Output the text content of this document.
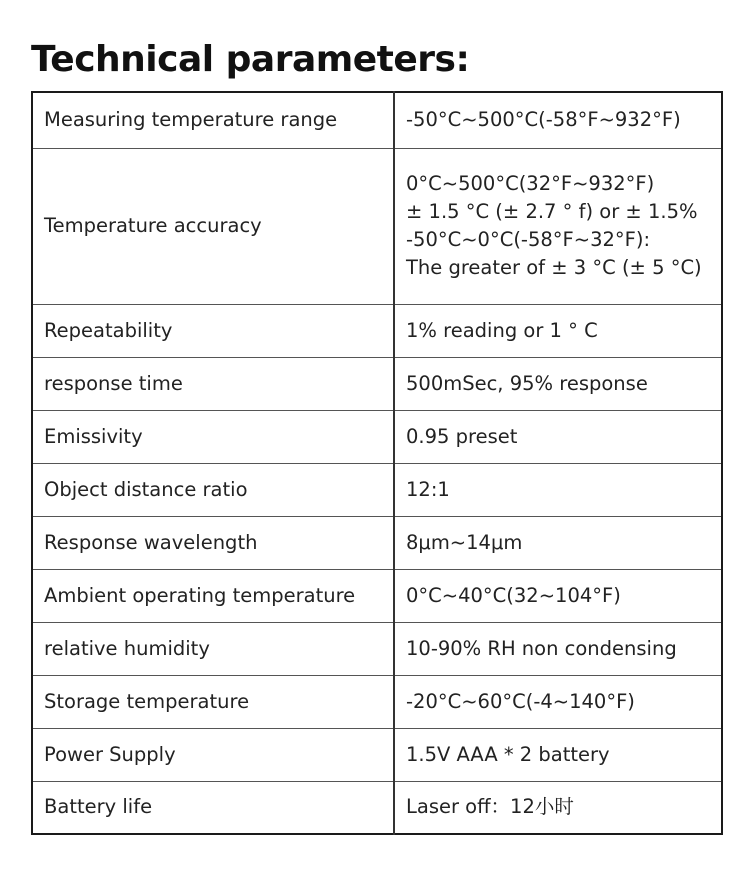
Technical parameters:
Measuring temperature range	-50°C~500°C(-58°F~932°F)
Temperature accuracy	0°C~500°C(32°F~932°F)
± 1.5 °C (± 2.7 ° f) or ± 1.5%
-50°C~0°C(-58°F~32°F):
The greater of ± 3 °C (± 5 °C)

Repeatability	1% reading or 1 ° C
response time	500mSec, 95% response
Emissivity	0.95 preset
Object distance ratio	12:1
Response wavelength	8μm~14μm
Ambient operating temperature	0°C~40°C(32~104°F)
relative humidity	10-90% RH non condensing
Storage temperature	-20°C~60°C(-4~140°F)
Power Supply	1.5V AAA * 2 battery
Battery life	Laser off：12小时
